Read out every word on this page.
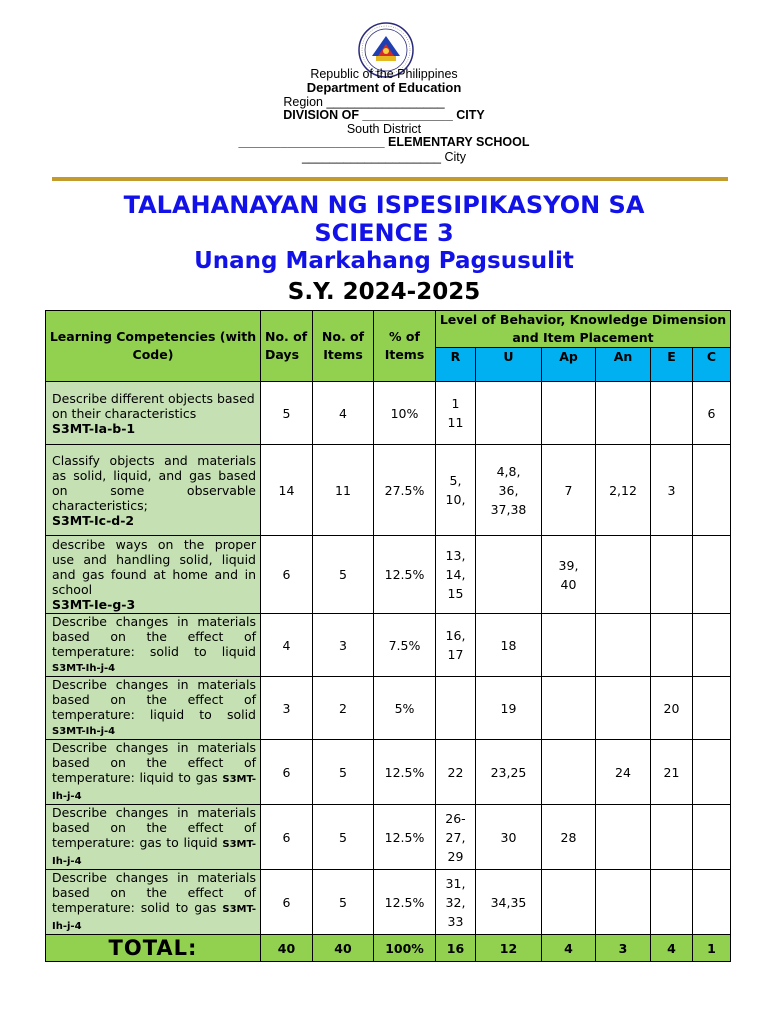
Republic of the Philippines
Department of Education
Region _________________
DIVISION OF _____________ CITY
South District
_____________________ ELEMENTARY SCHOOL
____________________ City
TALAHANAYAN NG ISPESIPIKASYON SA
SCIENCE 3
Unang Markahang Pagsusulit
S.Y. 2024-2025
Learning Competencies (with Code)	No. of Days	No. of Items	% of Items	Level of Behavior, Knowledge Dimension and Item Placement					
				R	U	Ap	An	E	C
Describe different objects based on their characteristics
S3MT-Ia-b-1	5	4	10%	1 11					6
Classify objects and materials as solid, liquid, and gas based on some observable characteristics;
S3MT-Ic-d-2	14	11	27.5%	5, 10,	4,8, 36, 37,38	7	2,12	3	
describe ways on the proper use and handling solid, liquid and gas found at home and in school
S3MT-Ie-g-3	6	5	12.5%	13, 14, 15		39, 40			
Describe changes in materials based on the effect of temperature: solid to liquid S3MT-Ih-j-4	4	3	7.5%	16, 17	18				
Describe changes in materials based on the effect of temperature: liquid to solid S3MT-Ih-j-4	3	2	5%		19			20	
Describe changes in materials based on the effect of temperature: liquid to gas S3MT-Ih-j-4	6	5	12.5%	22	23,25		24	21	
Describe changes in materials based on the effect of temperature: gas to liquid S3MT-Ih-j-4	6	5	12.5%	26- 27, 29	30	28			
Describe changes in materials based on the effect of temperature: solid to gas S3MT-Ih-j-4	6	5	12.5%	31, 32, 33	34,35				
TOTAL:	40	40	100%	16	12	4	3	4	1
